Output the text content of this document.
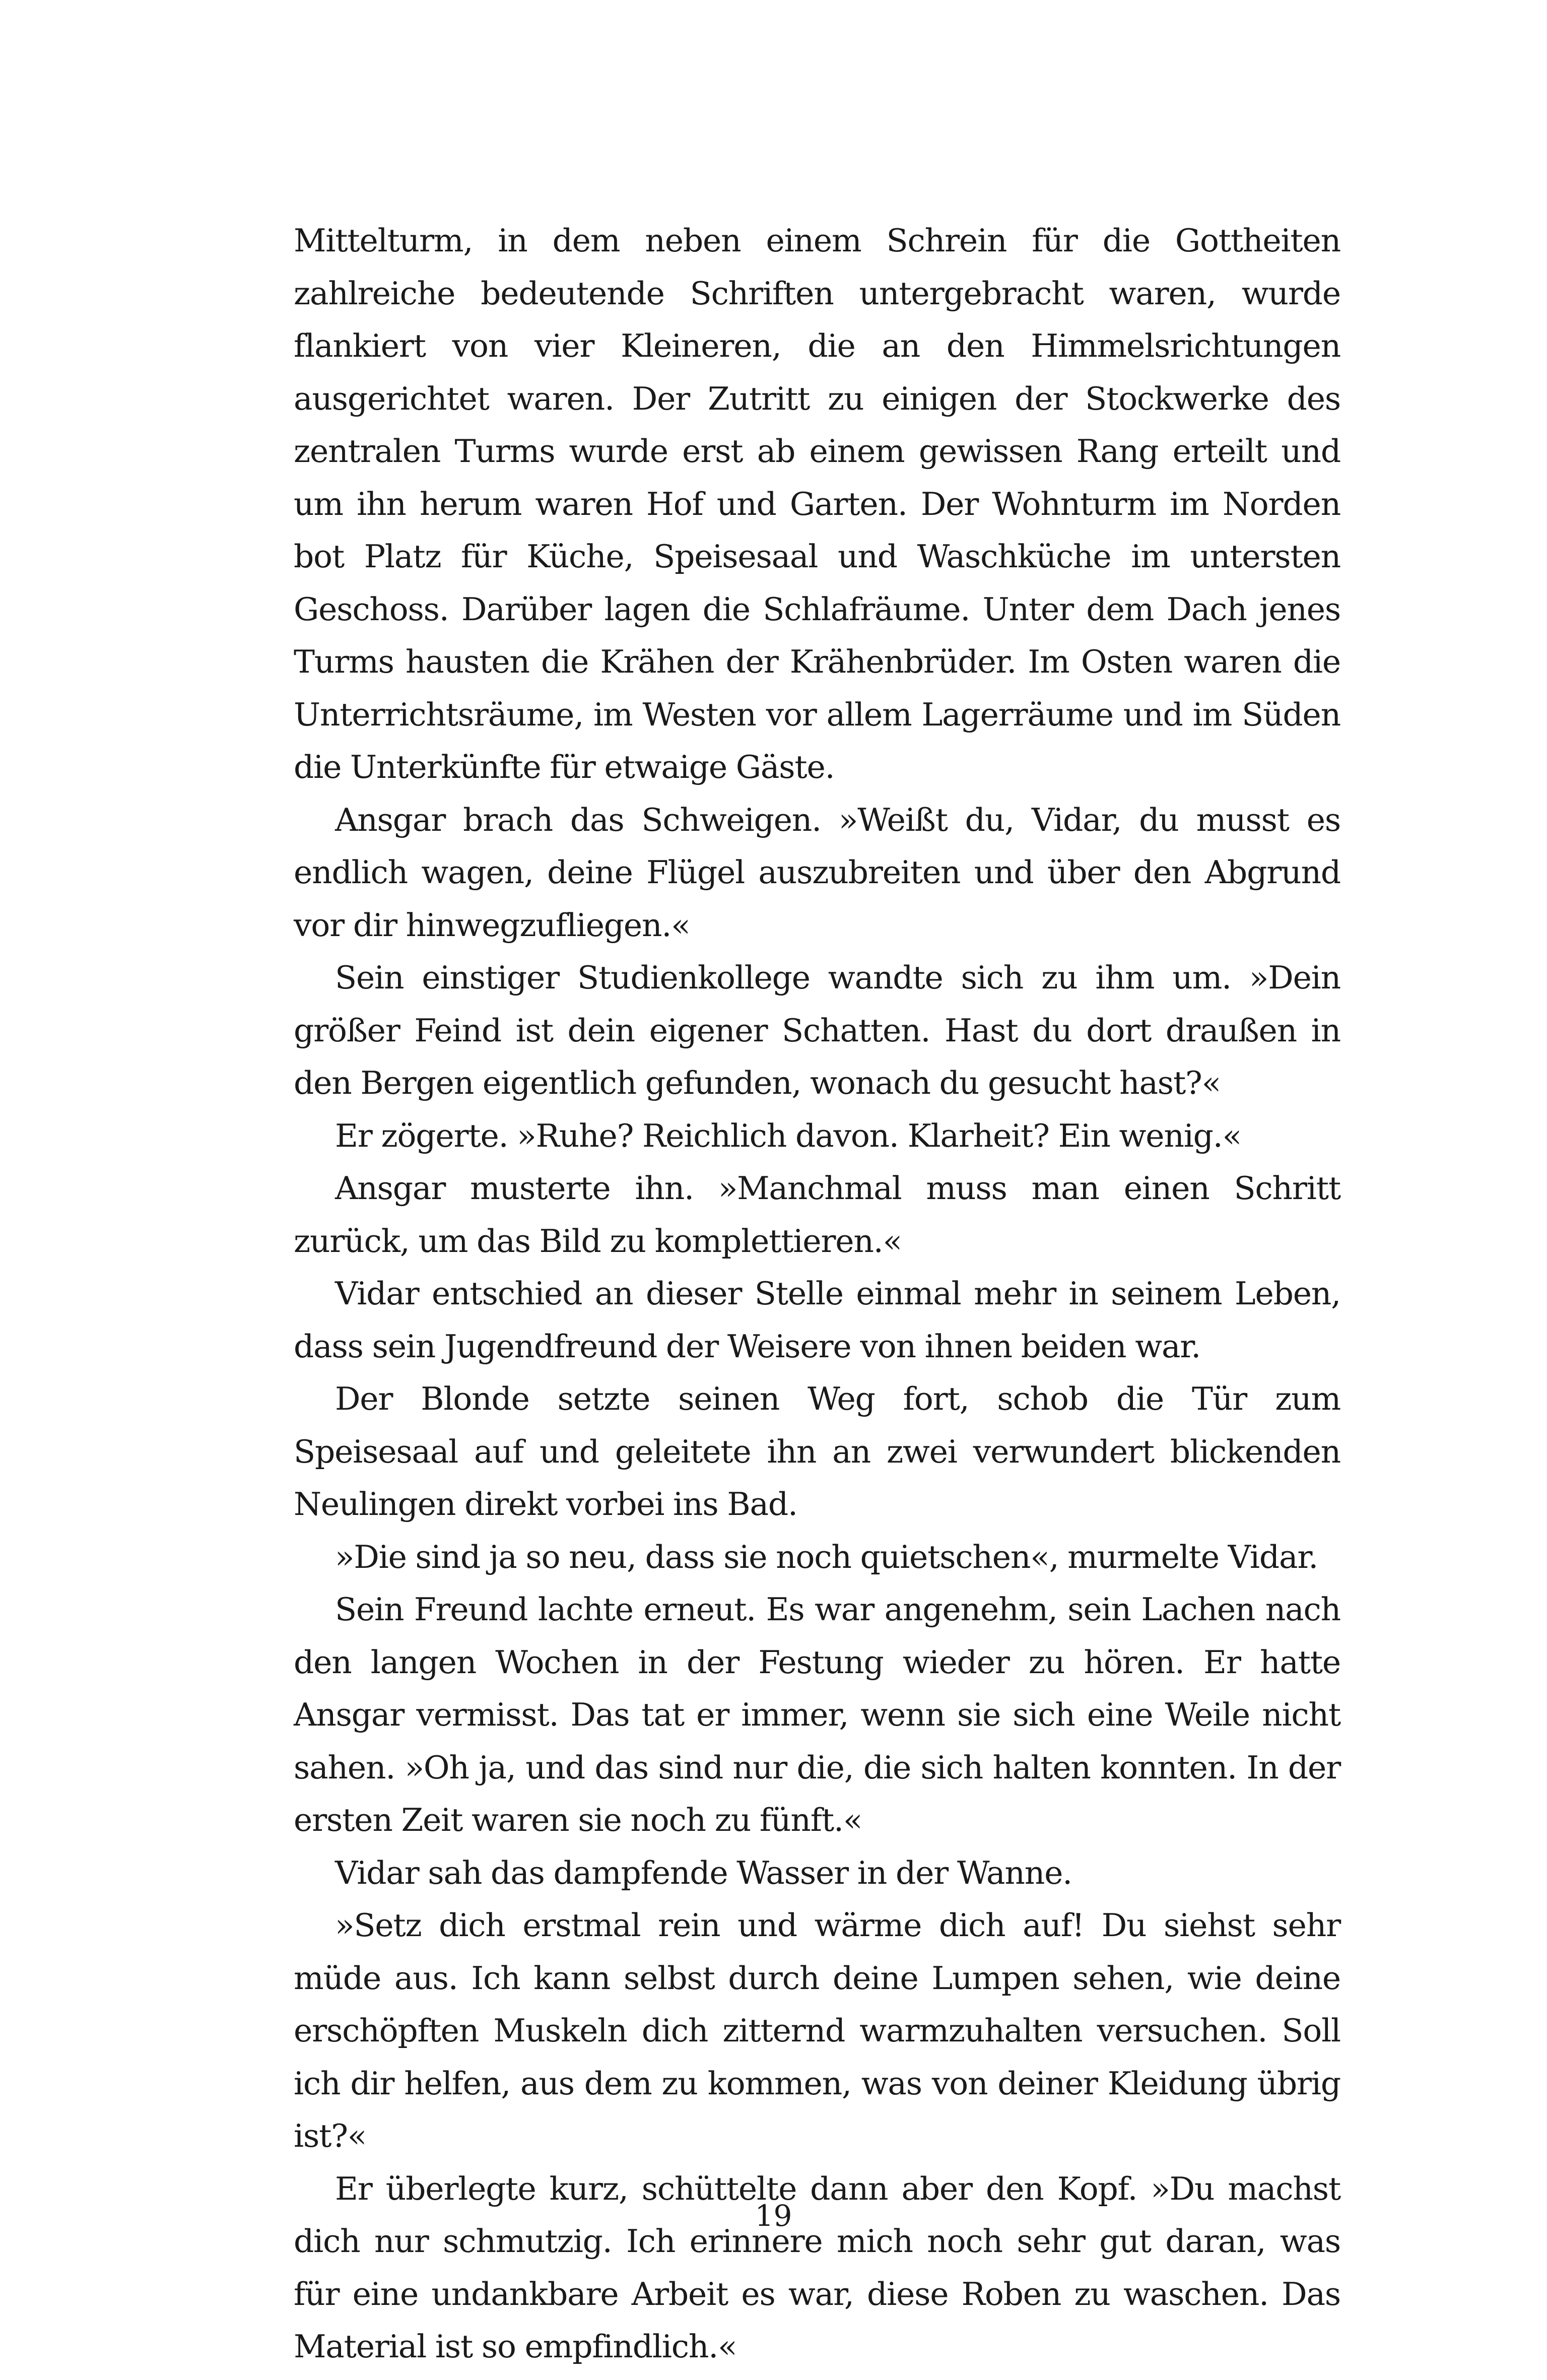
Mittelturm, in dem neben einem Schrein für die Gottheiten zahlreiche bedeutende Schriften untergebracht waren, wurde flankiert von vier Kleineren, die an den Himmelsrichtungen ausgerichtet waren. Der Zutritt zu einigen der Stockwerke des zentralen Turms wurde erst ab einem gewissen Rang erteilt und um ihn herum waren Hof und Garten. Der Wohnturm im Norden bot Platz für Küche, Speisesaal und Waschküche im untersten Geschoss. Darüber lagen die Schlafräume. Unter dem Dach jenes Turms hausten die Krähen der Krähenbrüder. Im Osten waren die Unterrichtsräume, im Westen vor allem Lagerräume und im Süden die Unterkünfte für etwaige Gäste.

Ansgar brach das Schweigen. »Weißt du, Vidar, du musst es endlich wagen, deine Flügel auszubreiten und über den Abgrund vor dir hinwegzufliegen.«

Sein einstiger Studienkollege wandte sich zu ihm um. »Dein größer Feind ist dein eigener Schatten. Hast du dort draußen in den Bergen eigentlich gefunden, wonach du gesucht hast?«

Er zögerte. »Ruhe? Reichlich davon. Klarheit? Ein wenig.«

Ansgar musterte ihn. »Manchmal muss man einen Schritt zurück, um das Bild zu komplettieren.«

Vidar entschied an dieser Stelle einmal mehr in seinem Leben, dass sein Jugendfreund der Weisere von ihnen beiden war.

Der Blonde setzte seinen Weg fort, schob die Tür zum Speisesaal auf und geleitete ihn an zwei verwundert blickenden Neulingen direkt vorbei ins Bad.

»Die sind ja so neu, dass sie noch quietschen«, murmelte Vidar.

Sein Freund lachte erneut. Es war angenehm, sein Lachen nach den langen Wochen in der Festung wieder zu hören. Er hatte Ansgar vermisst. Das tat er immer, wenn sie sich eine Weile nicht sahen. »Oh ja, und das sind nur die, die sich halten konnten. In der ersten Zeit waren sie noch zu fünft.«

Vidar sah das dampfende Wasser in der Wanne.

»Setz dich erstmal rein und wärme dich auf! Du siehst sehr müde aus. Ich kann selbst durch deine Lumpen sehen, wie deine erschöpften Muskeln dich zitternd warmzuhalten versuchen. Soll ich dir helfen, aus dem zu kommen, was von deiner Kleidung übrig ist?«

Er überlegte kurz, schüttelte dann aber den Kopf. »Du machst dich nur schmutzig. Ich erinnere mich noch sehr gut daran, was für eine undankbare Arbeit es war, diese Roben zu waschen. Das Material ist so empfindlich.«

19
